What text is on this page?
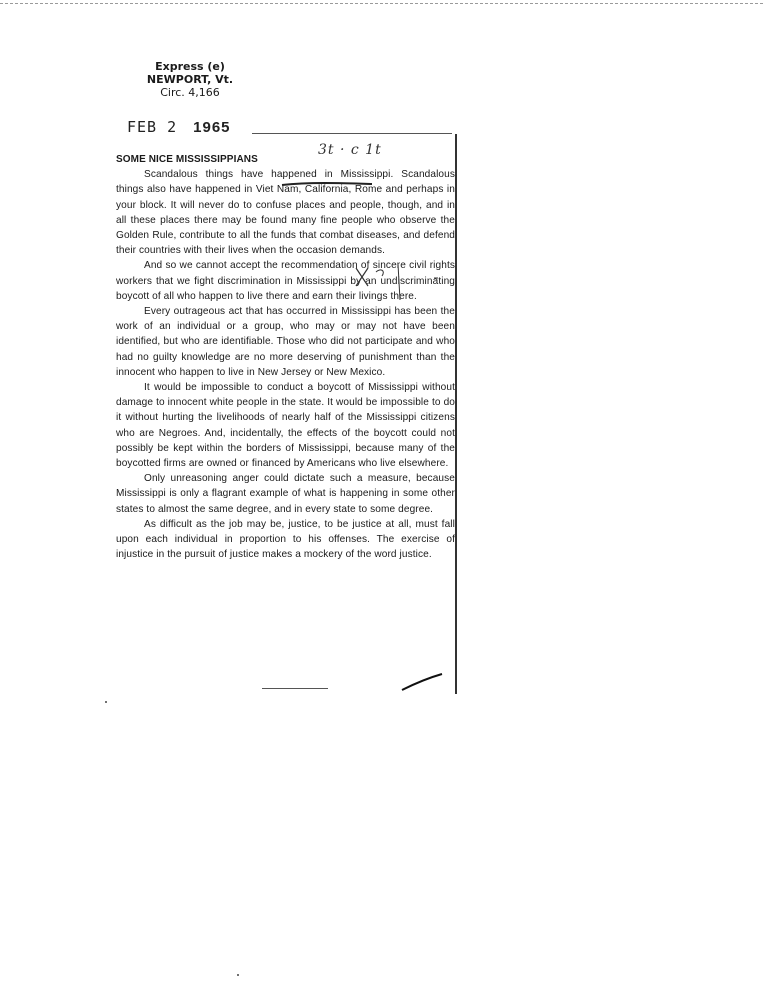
Express (e)
NEWPORT, Vt.
Circ. 4,166
FEB 2 1965
3t · c 1t

SOME NICE MISSISSIPPIANS

Scandalous things have happened in Mississippi. Scandalous things also have happened in Viet Nam, California, Rome and perhaps in your block. It will never do to confuse places and people, though, and in all these places there may be found many fine people who observe the Golden Rule, contribute to all the funds that combat diseases, and defend their countries with their lives when the occasion demands.

And so we cannot accept the recommendation of sincere civil rights workers that we fight discrimination in Mississippi by an undiscriminating boycott of all who happen to live there and earn their livings there.

Every outrageous act that has occurred in Mississippi has been the work of an individual or a group, who may or may not have been identified, but who are identifiable. Those who did not participate and who had no guilty knowledge are no more deserving of punishment than the innocent who happen to live in New Jersey or New Mexico.

It would be impossible to conduct a boycott of Mississippi without damage to innocent white people in the state. It would be impossible to do it without hurting the livelihoods of nearly half of the Mississippi citizens who are Negroes. And, incidentally, the effects of the boycott could not possibly be kept within the borders of Mississippi, because many of the boycotted firms are owned or financed by Americans who live elsewhere.

Only unreasoning anger could dictate such a measure, because Mississippi is only a flagrant example of what is happening in some other states to almost the same degree, and in every state to some degree.

As difficult as the job may be, justice, to be justice at all, must fall upon each individual in proportion to his offenses. The exercise of injustice in the pursuit of justice makes a mockery of the word justice.
